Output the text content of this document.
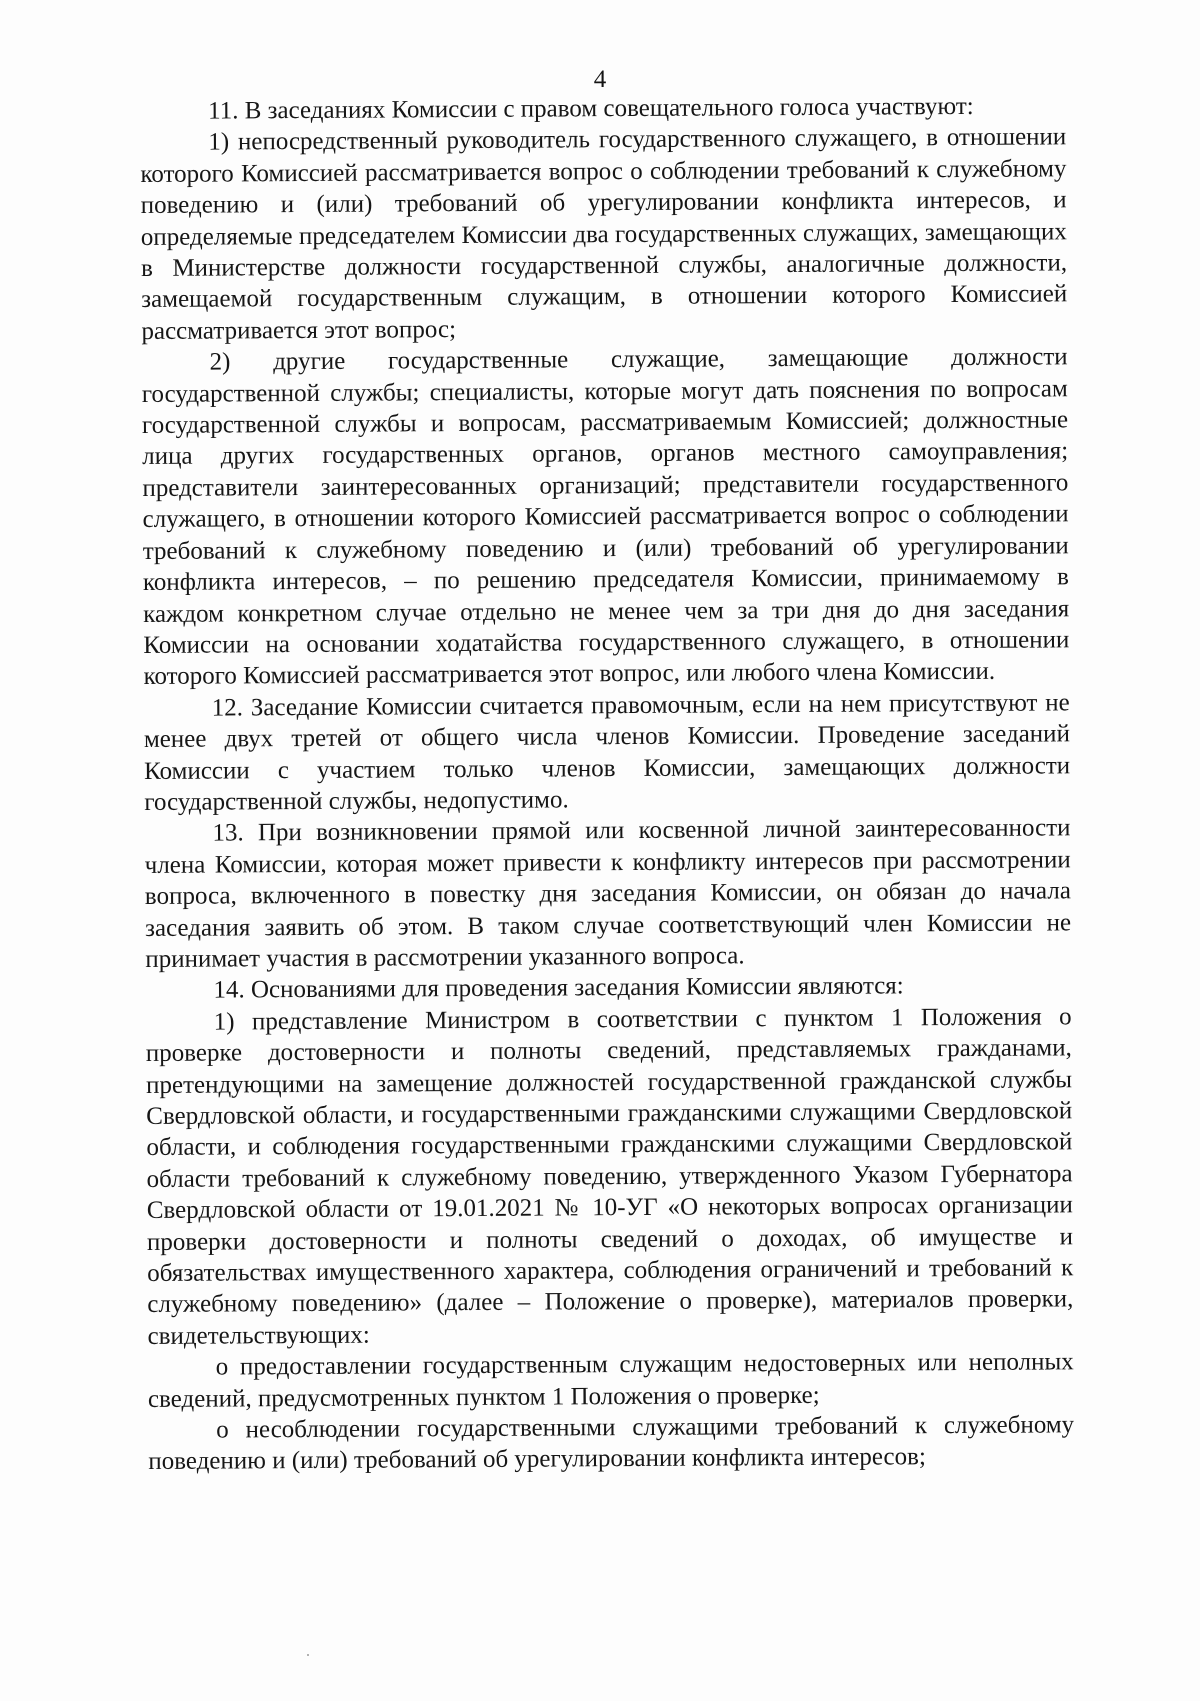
4

11. В заседаниях Комиссии с правом совещательного голоса участвуют:

1) непосредственный руководитель государственного служащего, в отношении которого Комиссией рассматривается вопрос о соблюдении требований к служебному поведению и (или) требований об урегулировании конфликта интересов, и определяемые председателем Комиссии два государственных служащих, замещающих в Министерстве должности государственной службы, аналогичные должности, замещаемой государственным служащим, в отношении которого Комиссией рассматривается этот вопрос;

2) другие государственные служащие, замещающие должности государственной службы; специалисты, которые могут дать пояснения по вопросам государственной службы и вопросам, рассматриваемым Комиссией; должностные лица других государственных органов, органов местного самоуправления; представители заинтересованных организаций; представители государственного служащего, в отношении которого Комиссией рассматривается вопрос о соблюдении требований к служебному поведению и (или) требований об урегулировании конфликта интересов, – по решению председателя Комиссии, принимаемому в каждом конкретном случае отдельно не менее чем за три дня до дня заседания Комиссии на основании ходатайства государственного служащего, в отношении которого Комиссией рассматривается этот вопрос, или любого члена Комиссии.

12. Заседание Комиссии считается правомочным, если на нем присутствуют не менее двух третей от общего числа членов Комиссии. Проведение заседаний Комиссии с участием только членов Комиссии, замещающих должности государственной службы, недопустимо.

13. При возникновении прямой или косвенной личной заинтересованности члена Комиссии, которая может привести к конфликту интересов при рассмотрении вопроса, включенного в повестку дня заседания Комиссии, он обязан до начала заседания заявить об этом. В таком случае соответствующий член Комиссии не принимает участия в рассмотрении указанного вопроса.

14. Основаниями для проведения заседания Комиссии являются:

1) представление Министром в соответствии с пунктом 1 Положения о проверке достоверности и полноты сведений, представляемых гражданами, претендующими на замещение должностей государственной гражданской службы Свердловской области, и государственными гражданскими служащими Свердловской области, и соблюдения государственными гражданскими служащими Свердловской области требований к служебному поведению, утвержденного Указом Губернатора Свердловской области от 19.01.2021 № 10-УГ «О некоторых вопросах организации проверки достоверности и полноты сведений о доходах, об имуществе и обязательствах имущественного характера, соблюдения ограничений и требований к служебному поведению» (далее – Положение о проверке), материалов проверки, свидетельствующих:

о предоставлении государственным служащим недостоверных или неполных сведений, предусмотренных пунктом 1 Положения о проверке;

о несоблюдении государственными служащими требований к служебному поведению и (или) требований об урегулировании конфликта интересов;
